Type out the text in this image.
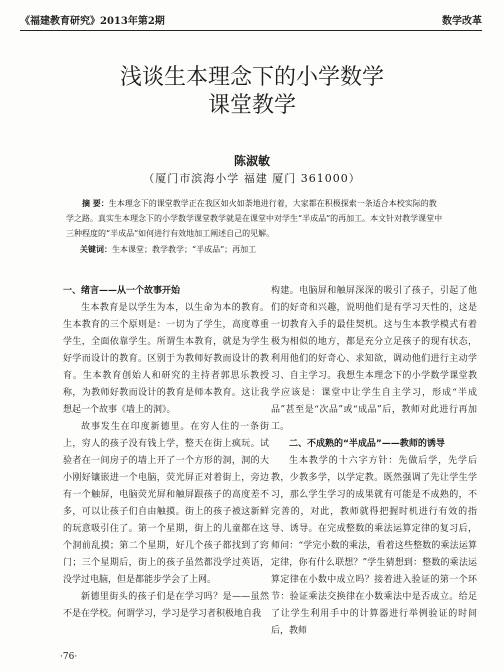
《福建教育研究》2013年第2期	数学改革
浅谈生本理念下的小学数学
课堂教学
陈淑敏
（厦门市滨海小学 福建 厦门 361000）
摘 要：生本理念下的课堂教学正在我区如火如荼地进行着，大家都在积极探索一条适合本校实际的教学之路。真实生本理念下的小学数学课堂教学就是在课堂中对学生“半成品”的再加工。本文针对教学课堂中三种程度的“半成品”如何进行有效地加工阐述自己的见解。
关键词：生本课堂；教学教学；“半成品”；再加工
一、绪言——从一个故事开始

生本教育是以学生为本，以生命为本的教育。生本教育的三个原则是：一切为了学生，高度尊重学生，全面依靠学生。所谓生本教育，就是为学生好学而设计的教育。区别于为教师好教而设计的教育。生本教育创始人和研究的主持者郭思乐教授称，为教师好教而设计的教育是师本教育。这让我想起一个故事《墙上的洞》。

故事发生在印度新德里。在穷人住的一条街上，穷人的孩子没有钱上学，整天在街上疯玩。试验者在一间房子的墙上开了一个方形的洞，洞的大小刚好镶嵌进一个电脑，荧光屏正对着街上，旁边有一个触屏，电脑荧光屏和触屏跟孩子的高度差不多，可以让孩子们自由触摸。街上的孩子被这新鲜的玩意吸引住了。第一个星期，街上的儿童都在这个洞前乱摸；第二个星期，好几个孩子都找到了窍门；三个星期后，街上的孩子虽然都没学过英语，没学过电脑，但是都能步学会了上网。

新德里街头的孩子们是在学习吗？是——虽然不是在学校。何谓学习，学习是学习者积极地自我

构建。电脑屏和触屏深深的吸引了孩子，引起了他们的好奇和兴趣，说明他们是有学习天性的，这是一切教育入手的最佳契机。这与生本教学模式有着极为相似的地方，都是充分立足孩子的现有状态，利用他们的好奇心、求知欲，调动他们进行主动学习、自主学习。我想生本理念下的小学数学课堂教学应该是：课堂中让学生自主学习，形成“半成品”甚至是“次品”或“成品”后，教师对此进行再加工。

二、不成熟的“半成品”——教师的诱导

生本教学的十六字方针：先做后学，先学后教，少教多学，以学定教。既然强调了先让学生学习，那么学生学习的成果就有可能是不成熟的，不完善的，对此，教师就得把握时机进行有效的指导、诱导。在完成整数的乘法运算定律的复习后，师问：“学完小数的乘法，看着这些整数的乘法运算定律，你有什么联想？”学生猜想到：整数的乘法运算定律在小数中成立吗？接着进入验证的第一个环节：验证乘法交换律在小数乘法中是否成立。给足了让学生利用手中的计算器进行举例验证的时间后，教师

·76·
